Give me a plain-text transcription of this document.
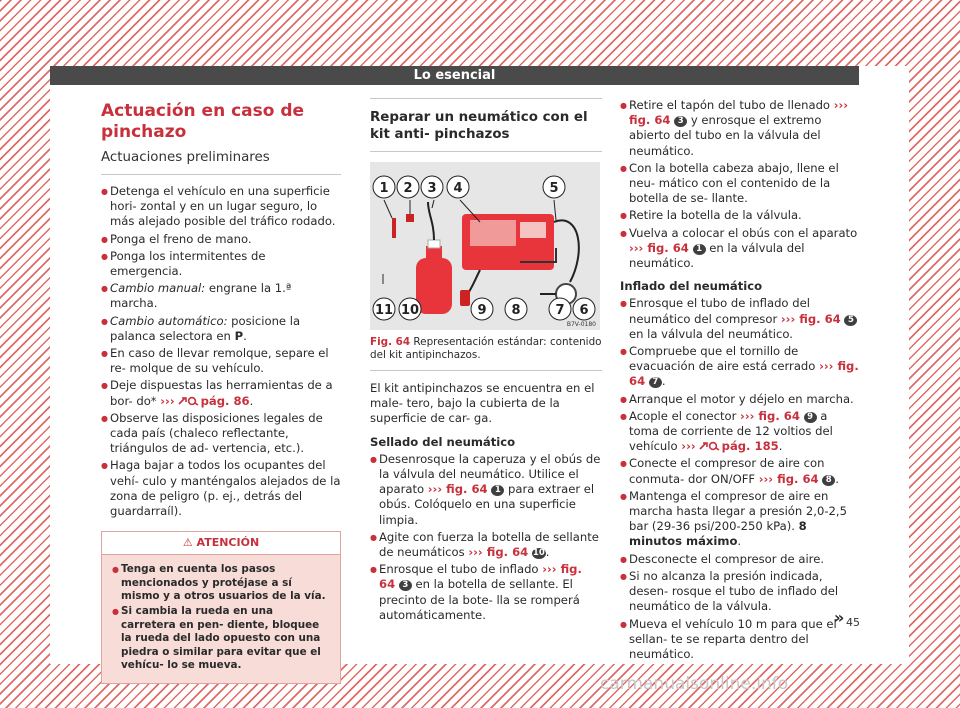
Lo esencial
Actuación en caso de pinchazo
Actuaciones preliminares
● Detenga el vehículo en una superficie hori- zontal y en un lugar seguro, lo más alejado posible del tráfico rodado.
● Ponga el freno de mano.
● Ponga los intermitentes de emergencia.
● Cambio manual: engrane la 1.ª marcha.
● Cambio automático: posicione la palanca selectora en P.
● En caso de llevar remolque, separe el re- molque de su vehículo.
● Deje dispuestas las herramientas de a bor- do* ››› pág. 86.
● Observe las disposiciones legales de cada país (chaleco reflectante, triángulos de ad- vertencia, etc.).
● Haga bajar a todos los ocupantes del vehí- culo y manténgalos alejados de la zona de peligro (p. ej., detrás del guardarraíl).
⚠ ATENCIÓN
● Tenga en cuenta los pasos mencionados y protéjase a sí mismo y a otros usuarios de la vía.
● Si cambia la rueda en una carretera en pen- diente, bloquee la rueda del lado opuesto con una piedra o similar para evitar que el vehícu- lo se mueva.
Reparar un neumático con el kit anti- pinchazos
1 2 3 4	5
11 10	9 8	7 6
B7V-0180
Fig. 64 Representación estándar: contenido del kit antipinchazos.
El kit antipinchazos se encuentra en el male- tero, bajo la cubierta de la superficie de car- ga.
Sellado del neumático
● Desenrosque la caperuza y el obús de la válvula del neumático. Utilice el aparato ››› fig. 64 1 para extraer el obús. Colóquelo en una superficie limpia.
● Agite con fuerza la botella de sellante de neumáticos ››› fig. 64 10.
● Enrosque el tubo de inflado ››› fig. 64 3 en la botella de sellante. El precinto de la bote- lla se romperá automáticamente.
● Retire el tapón del tubo de llenado ››› fig. 64 3 y enrosque el extremo abierto del tubo en la válvula del neumático.
● Con la botella cabeza abajo, llene el neu- mático con el contenido de la botella de se- llante.
● Retire la botella de la válvula.
● Vuelva a colocar el obús con el aparato ››› fig. 64 1 en la válvula del neumático.
Inflado del neumático
● Enrosque el tubo de inflado del neumático del compresor ››› fig. 64 5 en la válvula del neumático.
● Compruebe que el tornillo de evacuación de aire está cerrado ››› fig. 64 7 .
● Arranque el motor y déjelo en marcha.
● Acople el conector ››› fig. 64 9 a toma de corriente de 12 voltios del vehículo ››› pág. 185.
● Conecte el compresor de aire con conmuta- dor ON/OFF ››› fig. 64 8 .
● Mantenga el compresor de aire en marcha hasta llegar a presión 2,0-2,5 bar (29-36 psi/200-250 kPa). 8 minutos máximo.
● Desconecte el compresor de aire.
● Si no alcanza la presión indicada, desen- rosque el tubo de inflado del neumático de la válvula.
● Mueva el vehículo 10 m para que el sellan- te se reparta dentro del neumático.
» 45
carmanualsonline.info
